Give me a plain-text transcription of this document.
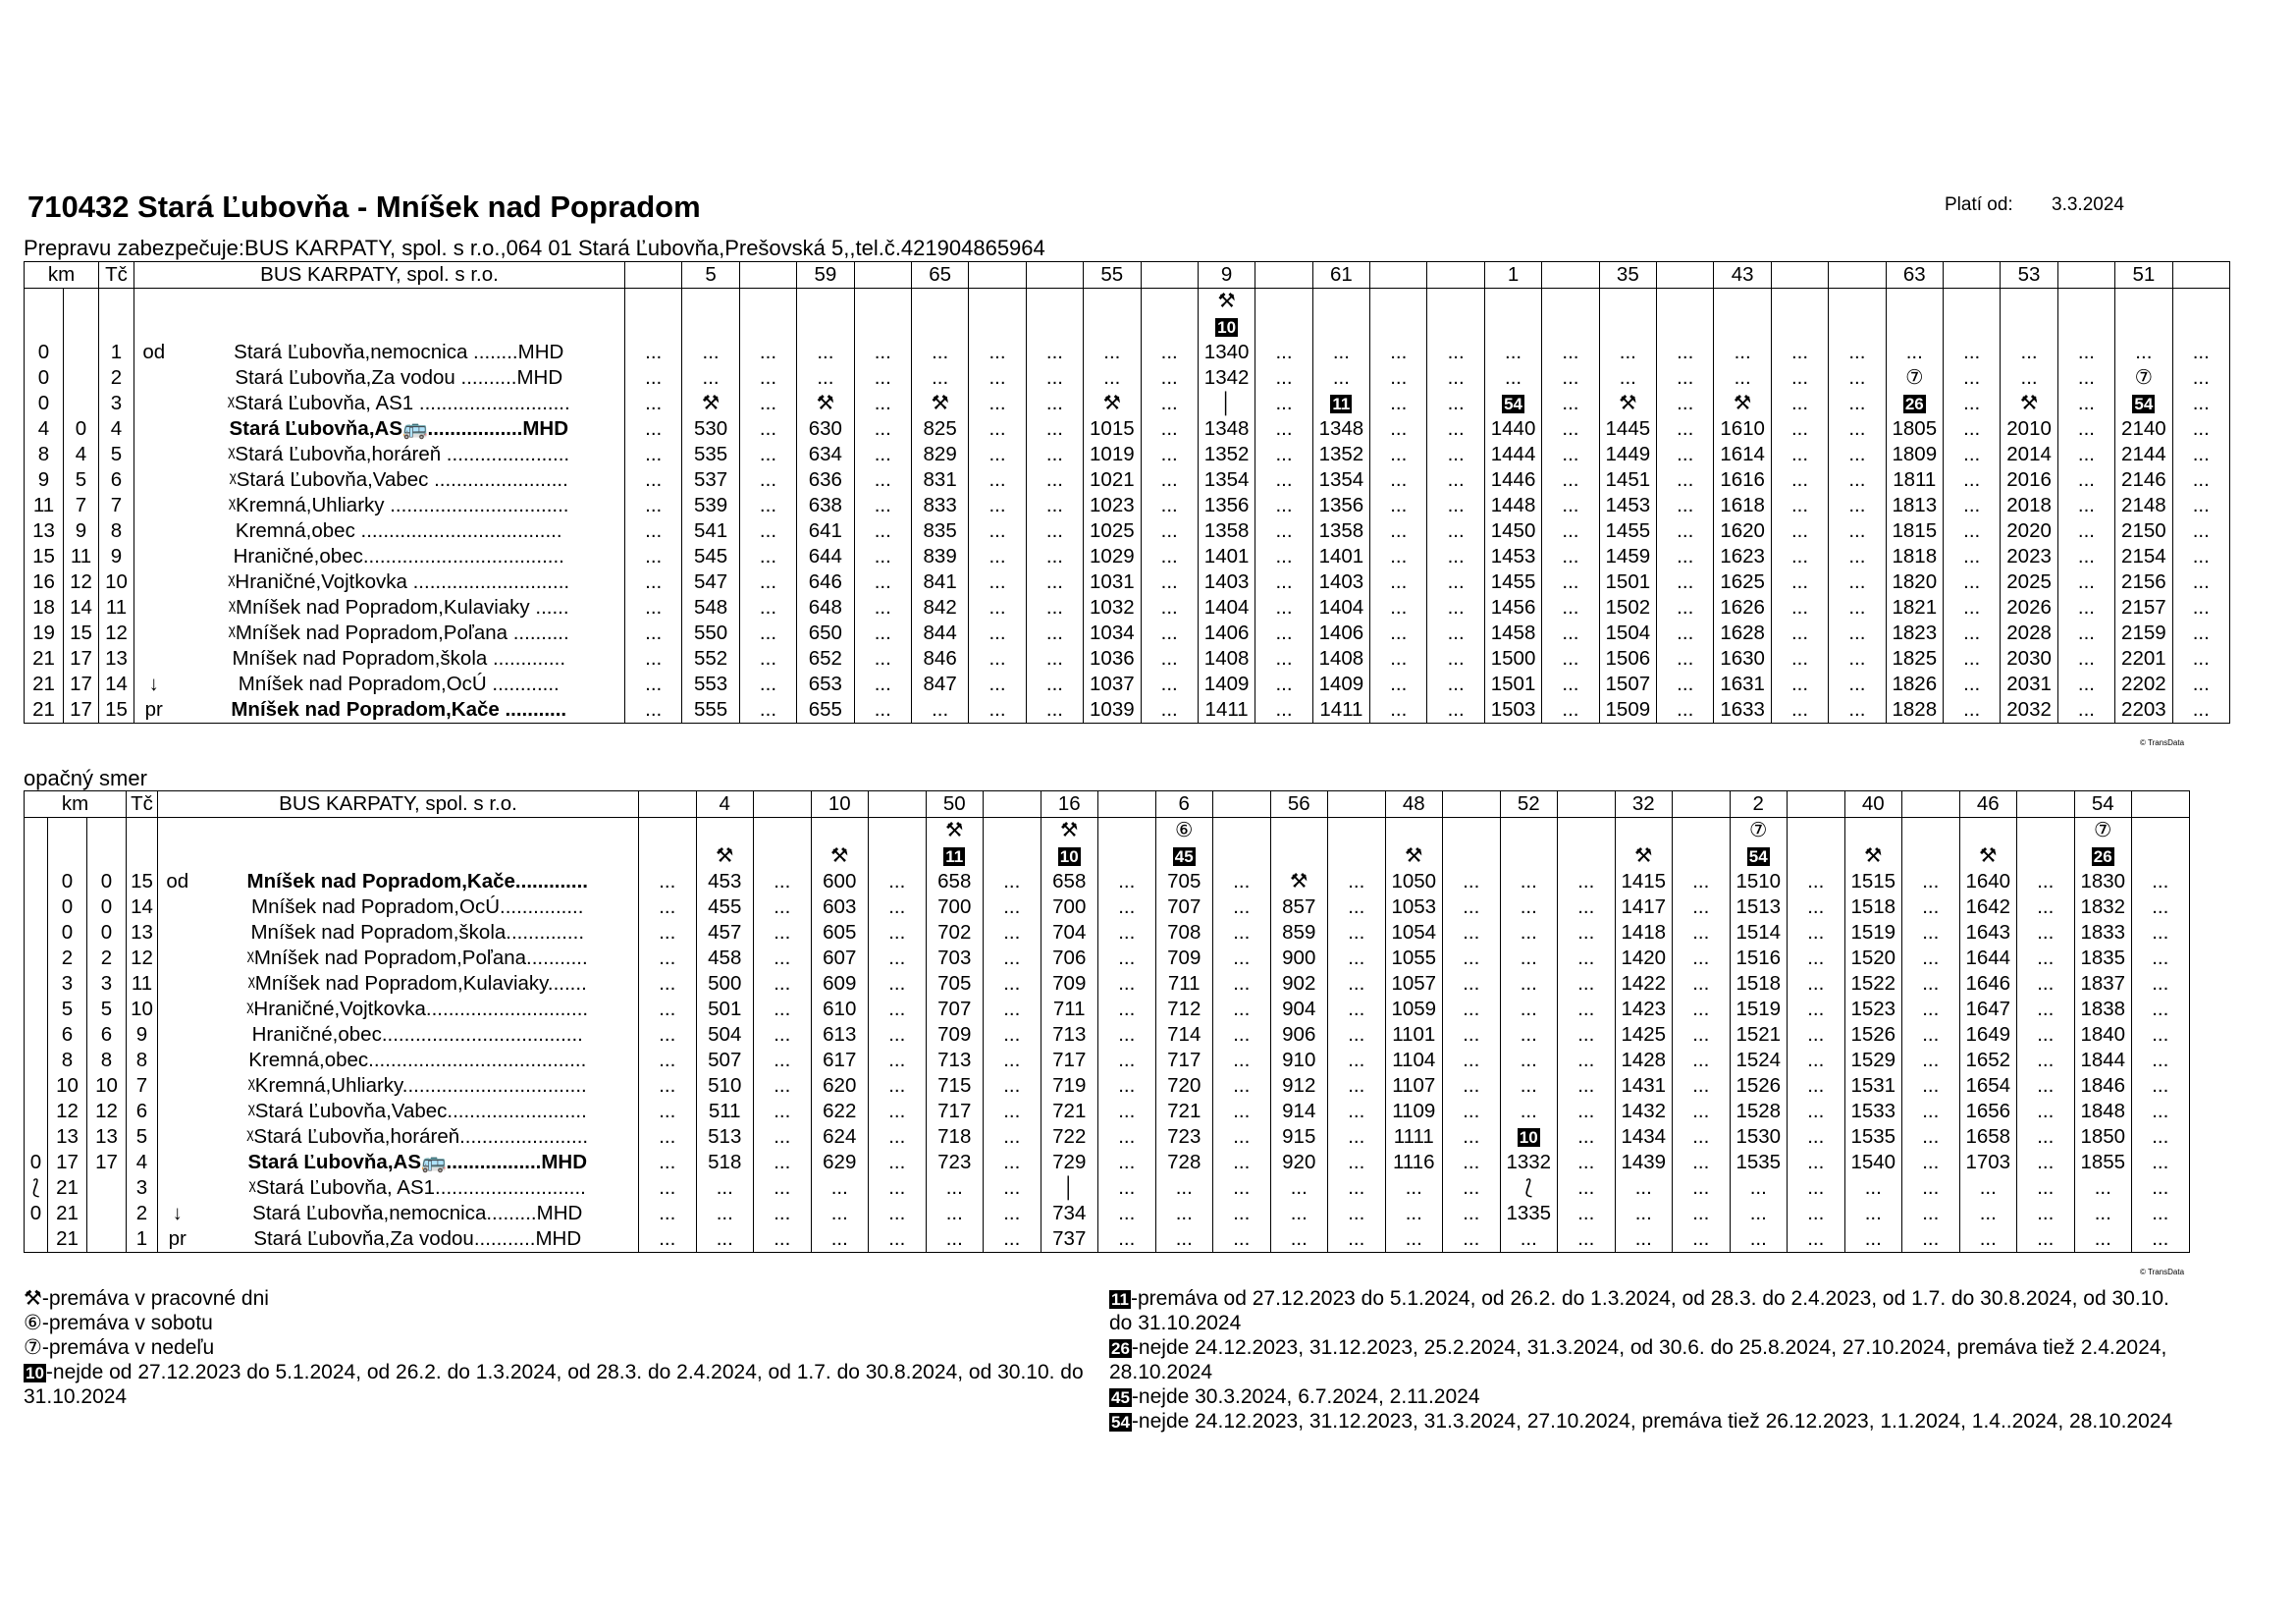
710432 Stará Ľubovňa - Mníšek nad Popradom	Platí od: 3.3.2024
Prepravu zabezpečuje:BUS KARPATY, spol. s r.o.,064 01 Stará Ľubovňa,Prešovská 5,,tel.č.421904865964
km		Tč	BUS KARPATY, spol. s r.o.			5		59		65			55		9		61			1		35		43			63		53		51	
															⚒																	
															10																	
0		1	od	Stará Ľubovňa,nemocnica ........MHD	...	...	...	...	...	...	...	...	...	...	1340	...	...	...	...	...	...	...	...	...	...	...	...	...	...	...	...	...
0		2		Stará Ľubovňa,Za vodou ..........MHD	...	...	...	...	...	...	...	...	...	...	1342	...	...	...	...	...	...	...	...	...	...	...	⑦	...	...	...	⑦	...
0		3		ᵡStará Ľubovňa, AS1 ...........................	...	⚒	...	⚒	...	⚒	...	...	⚒	...	│	...	11	...	...	54	...	⚒	...	⚒	...	...	26	...	⚒	...	54	...
4	0	4		Stará Ľubovňa,AS🚌.................MHD	...	530	...	630	...	825	...	...	1015	...	1348	...	1348	...	...	1440	...	1445	...	1610	...	...	1805	...	2010	...	2140	...
8	4	5		ᵡStará Ľubovňa,horáreň ......................	...	535	...	634	...	829	...	...	1019	...	1352	...	1352	...	...	1444	...	1449	...	1614	...	...	1809	...	2014	...	2144	...
9	5	6		ᵡStará Ľubovňa,Vabec ........................	...	537	...	636	...	831	...	...	1021	...	1354	...	1354	...	...	1446	...	1451	...	1616	...	...	1811	...	2016	...	2146	...
11	7	7		ᵡKremná,Uhliarky ................................	...	539	...	638	...	833	...	...	1023	...	1356	...	1356	...	...	1448	...	1453	...	1618	...	...	1813	...	2018	...	2148	...
13	9	8		Kremná,obec ....................................	...	541	...	641	...	835	...	...	1025	...	1358	...	1358	...	...	1450	...	1455	...	1620	...	...	1815	...	2020	...	2150	...
15	11	9		Hraničné,obec....................................	...	545	...	644	...	839	...	...	1029	...	1401	...	1401	...	...	1453	...	1459	...	1623	...	...	1818	...	2023	...	2154	...
16	12	10		ᵡHraničné,Vojtkovka ............................	...	547	...	646	...	841	...	...	1031	...	1403	...	1403	...	...	1455	...	1501	...	1625	...	...	1820	...	2025	...	2156	...
18	14	11		ᵡMníšek nad Popradom,Kulaviaky ......	...	548	...	648	...	842	...	...	1032	...	1404	...	1404	...	...	1456	...	1502	...	1626	...	...	1821	...	2026	...	2157	...
19	15	12		ᵡMníšek nad Popradom,Poľana ..........	...	550	...	650	...	844	...	...	1034	...	1406	...	1406	...	...	1458	...	1504	...	1628	...	...	1823	...	2028	...	2159	...
21	17	13		Mníšek nad Popradom,škola .............	...	552	...	652	...	846	...	...	1036	...	1408	...	1408	...	...	1500	...	1506	...	1630	...	...	1825	...	2030	...	2201	...
21	17	14	↓	Mníšek nad Popradom,OcÚ ............	...	553	...	653	...	847	...	...	1037	...	1409	...	1409	...	...	1501	...	1507	...	1631	...	...	1826	...	2031	...	2202	...
21	17	15	pr	Mníšek nad Popradom,Kače ...........	...	555	...	655	...	...	...	...	1039	...	1411	...	1411	...	...	1503	...	1509	...	1633	...	...	1828	...	2032	...	2203	...
opačný smer
km			Tč	BUS KARPATY, spol. s r.o.			4		10		50		16		6		56		48		52		32		2		40		46		54	
											⚒		⚒		⑥										⑦						⑦	
							⚒		⚒		11		10		45				⚒				⚒		54		⚒		⚒		26	
	0	0	15	od	Mníšek nad Popradom,Kače.............	...	453	...	600	...	658	...	658	...	705	...	⚒	...	1050	...	...	...	1415	...	1510	...	1515	...	1640	...	1830	...
	0	0	14		Mníšek nad Popradom,OcÚ...............	...	455	...	603	...	700	...	700	...	707	...	857	...	1053	...	...	...	1417	...	1513	...	1518	...	1642	...	1832	...
	0	0	13		Mníšek nad Popradom,škola..............	...	457	...	605	...	702	...	704	...	708	...	859	...	1054	...	...	...	1418	...	1514	...	1519	...	1643	...	1833	...
	2	2	12		ᵡMníšek nad Popradom,Poľana...........	...	458	...	607	...	703	...	706	...	709	...	900	...	1055	...	...	...	1420	...	1516	...	1520	...	1644	...	1835	...
	3	3	11		ᵡMníšek nad Popradom,Kulaviaky.......	...	500	...	609	...	705	...	709	...	711	...	902	...	1057	...	...	...	1422	...	1518	...	1522	...	1646	...	1837	...
	5	5	10		ᵡHraničné,Vojtkovka.............................	...	501	...	610	...	707	...	711	...	712	...	904	...	1059	...	...	...	1423	...	1519	...	1523	...	1647	...	1838	...
	6	6	9		Hraničné,obec....................................	...	504	...	613	...	709	...	713	...	714	...	906	...	1101	...	...	...	1425	...	1521	...	1526	...	1649	...	1840	...
	8	8	8		Kremná,obec.......................................	...	507	...	617	...	713	...	717	...	717	...	910	...	1104	...	...	...	1428	...	1524	...	1529	...	1652	...	1844	...
	10	10	7		ᵡKremná,Uhliarky.................................	...	510	...	620	...	715	...	719	...	720	...	912	...	1107	...	...	...	1431	...	1526	...	1531	...	1654	...	1846	...
	12	12	6		ᵡStará Ľubovňa,Vabec.........................	...	511	...	622	...	717	...	721	...	721	...	914	...	1109	...	...	...	1432	...	1528	...	1533	...	1656	...	1848	...
	13	13	5		ᵡStará Ľubovňa,horáreň.......................	...	513	...	624	...	718	...	722	...	723	...	915	...	1111	...	10	...	1434	...	1530	...	1535	...	1658	...	1850	...
0	17	17	4		Stará Ľubovňa,AS🚌.................MHD	...	518	...	629	...	723	...	729	...	728	...	920	...	1116	...	1332	...	1439	...	1535	...	1540	...	1703	...	1855	...
⟅	21		3		ᵡStará Ľubovňa, AS1...........................	...	...	...	...	...	...	...	│	...	...	...	...	...	...	...	⟅	...	...	...	...	...	...	...	...	...	...	...
0	21		2	↓	Stará Ľubovňa,nemocnica.........MHD	...	...	...	...	...	...	...	734	...	...	...	...	...	...	...	1335	...	...	...	...	...	...	...	...	...	...	...
	21		1	pr	Stará Ľubovňa,Za vodou...........MHD	...	...	...	...	...	...	...	737	...	...	...	...	...	...	...	...	...	...	...	...	...	...	...	...	...	...	...
© TransData
© TransData
⚒-premáva v pracovné dni
⑥-premáva v sobotu
⑦-premáva v nedeľu
10-nejde od 27.12.2023 do 5.1.2024, od 26.2. do 1.3.2024, od 28.3. do 2.4.2024, od 1.7. do 30.8.2024, od 30.10. do 31.10.2024
11-premáva od 27.12.2023 do 5.1.2024, od 26.2. do 1.3.2024, od 28.3. do 2.4.2023, od 1.7. do 30.8.2024, od 30.10. do 31.10.2024
26-nejde 24.12.2023, 31.12.2023, 25.2.2024, 31.3.2024, od 30.6. do 25.8.2024, 27.10.2024, premáva tiež 2.4.2024, 28.10.2024
45-nejde 30.3.2024, 6.7.2024, 2.11.2024
54-nejde 24.12.2023, 31.12.2023, 31.3.2024, 27.10.2024, premáva tiež 26.12.2023, 1.1.2024, 1.4..2024, 28.10.2024
